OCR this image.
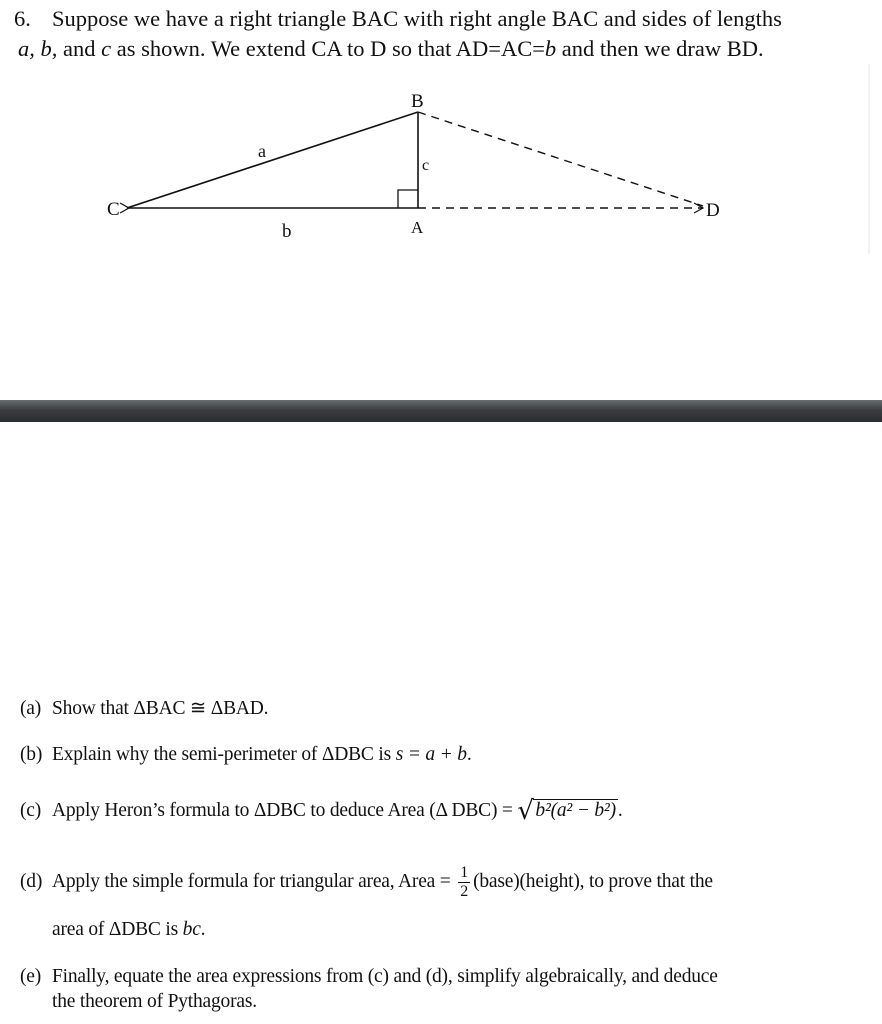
6. Suppose we have a right triangle BAC with right angle BAC and sides of lengths
a, b, and c as shown. We extend CA to D so that AD=AC=b and then we draw BD.
B
C
A
D
a
b
c
(a) Show that ΔBAC ≅ ΔBAD.
(b) Explain why the semi-perimeter of ΔDBC is s = a + b.
(c) Apply Heron’s formula to ΔDBC to deduce Area (Δ DBC) = √ b²(a² − b²) .
(d) Apply the simple formula for triangular area, Area = $\frac{1}{2}$ (base)(height), to prove that the
area of ΔDBC is bc.
(e) Finally, equate the area expressions from (c) and (d), simplify algebraically, and deduce
the theorem of Pythagoras.
